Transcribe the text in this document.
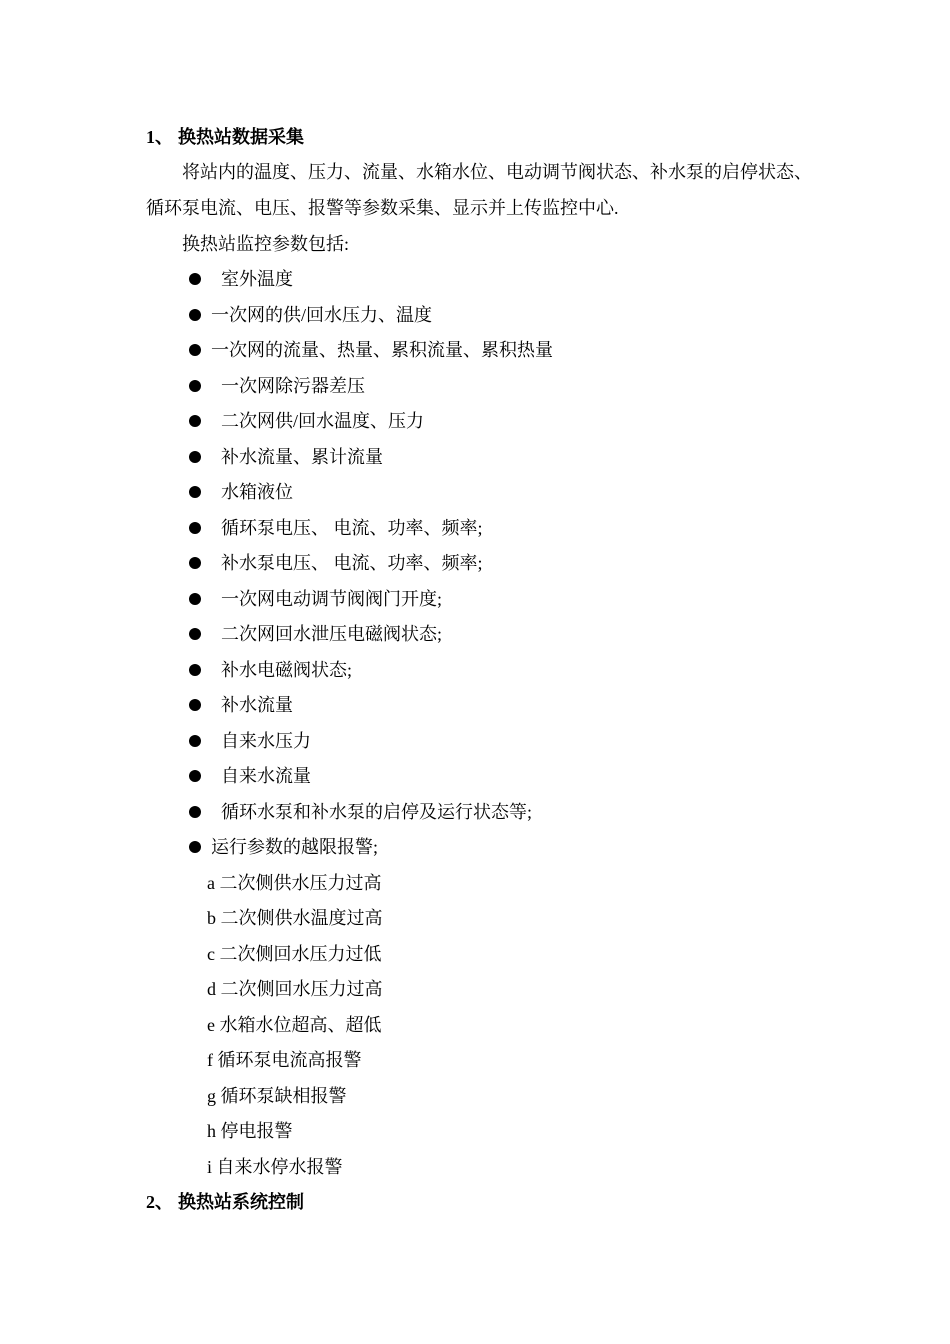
1、 换热站数据采集
将站内的温度、压力、流量、水箱水位、电动调节阀状态、补水泵的启停状态、循环泵电流、电压、报警等参数采集、显示并上传监控中心.
换热站监控参数包括:
室外温度
一次网的供/回水压力、温度
一次网的流量、热量、累积流量、累积热量
一次网除污器差压
二次网供/回水温度、压力
补水流量、累计流量
水箱液位
循环泵电压、 电流、功率、频率;
补水泵电压、 电流、功率、频率;
一次网电动调节阀阀门开度;
二次网回水泄压电磁阀状态;
补水电磁阀状态;
补水流量
自来水压力
自来水流量
循环水泵和补水泵的启停及运行状态等;
运行参数的越限报警;
a 二次侧供水压力过高
b 二次侧供水温度过高
c 二次侧回水压力过低
d 二次侧回水压力过高
e 水箱水位超高、超低
f 循环泵电流高报警
g 循环泵缺相报警
h 停电报警
i 自来水停水报警
2、 换热站系统控制
